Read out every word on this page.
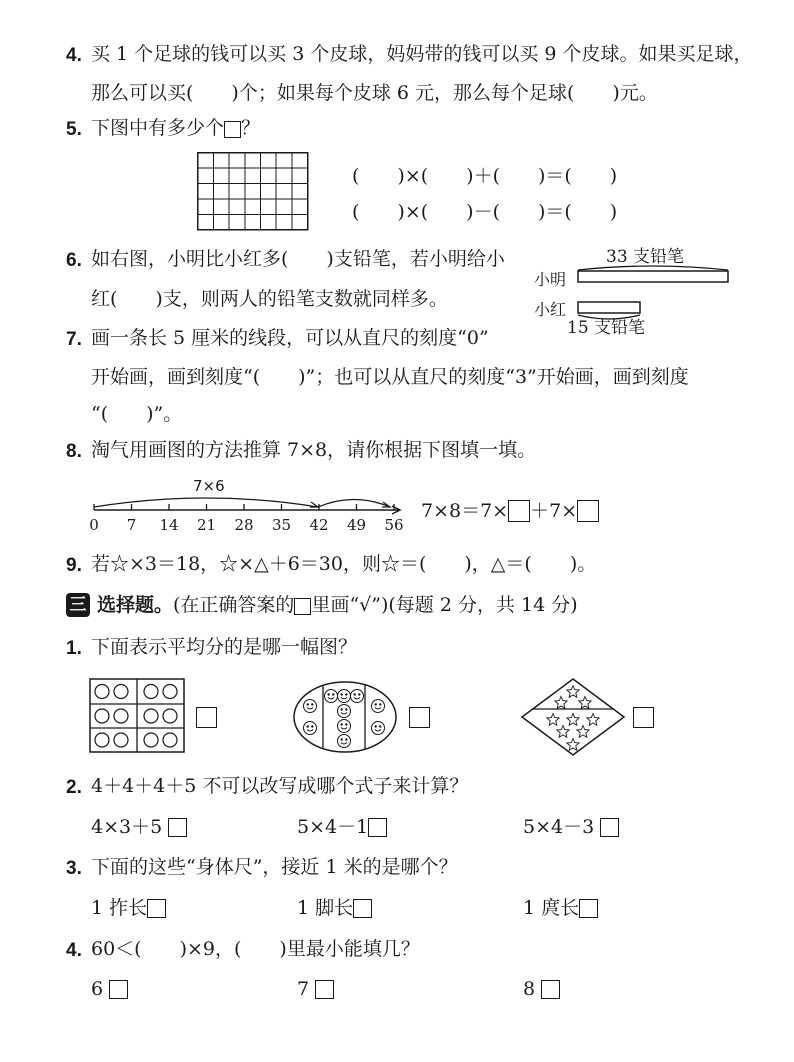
4. 买 1 个足球的钱可以买 3 个皮球，妈妈带的钱可以买 9 个皮球。如果买足球，
那么可以买(　　)个；如果每个皮球 6 元，那么每个足球(　　)元。
5. 下图中有多少个 ？
(　　)×(　　)＋(　　)＝(　　)
(　　)×(　　)－(　　)＝(　　)
6. 如右图，小明比小红多(　　)支铅笔，若小明给小
红(　　)支，则两人的铅笔支数就同样多。
33 支铅笔
小明
小红
15 支铅笔
7. 画一条长 5 厘米的线段，可以从直尺的刻度“0”
开始画，画到刻度“(　　)”；也可以从直尺的刻度“3”开始画，画到刻度
“(　　)”。
8. 淘气用画图的方法推算 7×8，请你根据下图填一填。
7×6
0 7 14 21 28 35 42 49 56
7×8＝7× ＋7×
9. 若☆×3＝18，☆×△＋6＝30，则☆＝(　　)，△＝(　　)。
三 选择题。(在正确答案的 里画“√”)(每题 2 分，共 14 分)
1. 下面表示平均分的是哪一幅图？
2. 4＋4＋4＋5 不可以改写成哪个式子来计算？
4×3＋5	5×4－1	5×4－3
3. 下面的这些“身体尺”，接近 1 米的是哪个？
1 拃长	1 脚长	1 庹长
4. 60＜(　　)×9，(　　)里最小能填几？
6	7	8
